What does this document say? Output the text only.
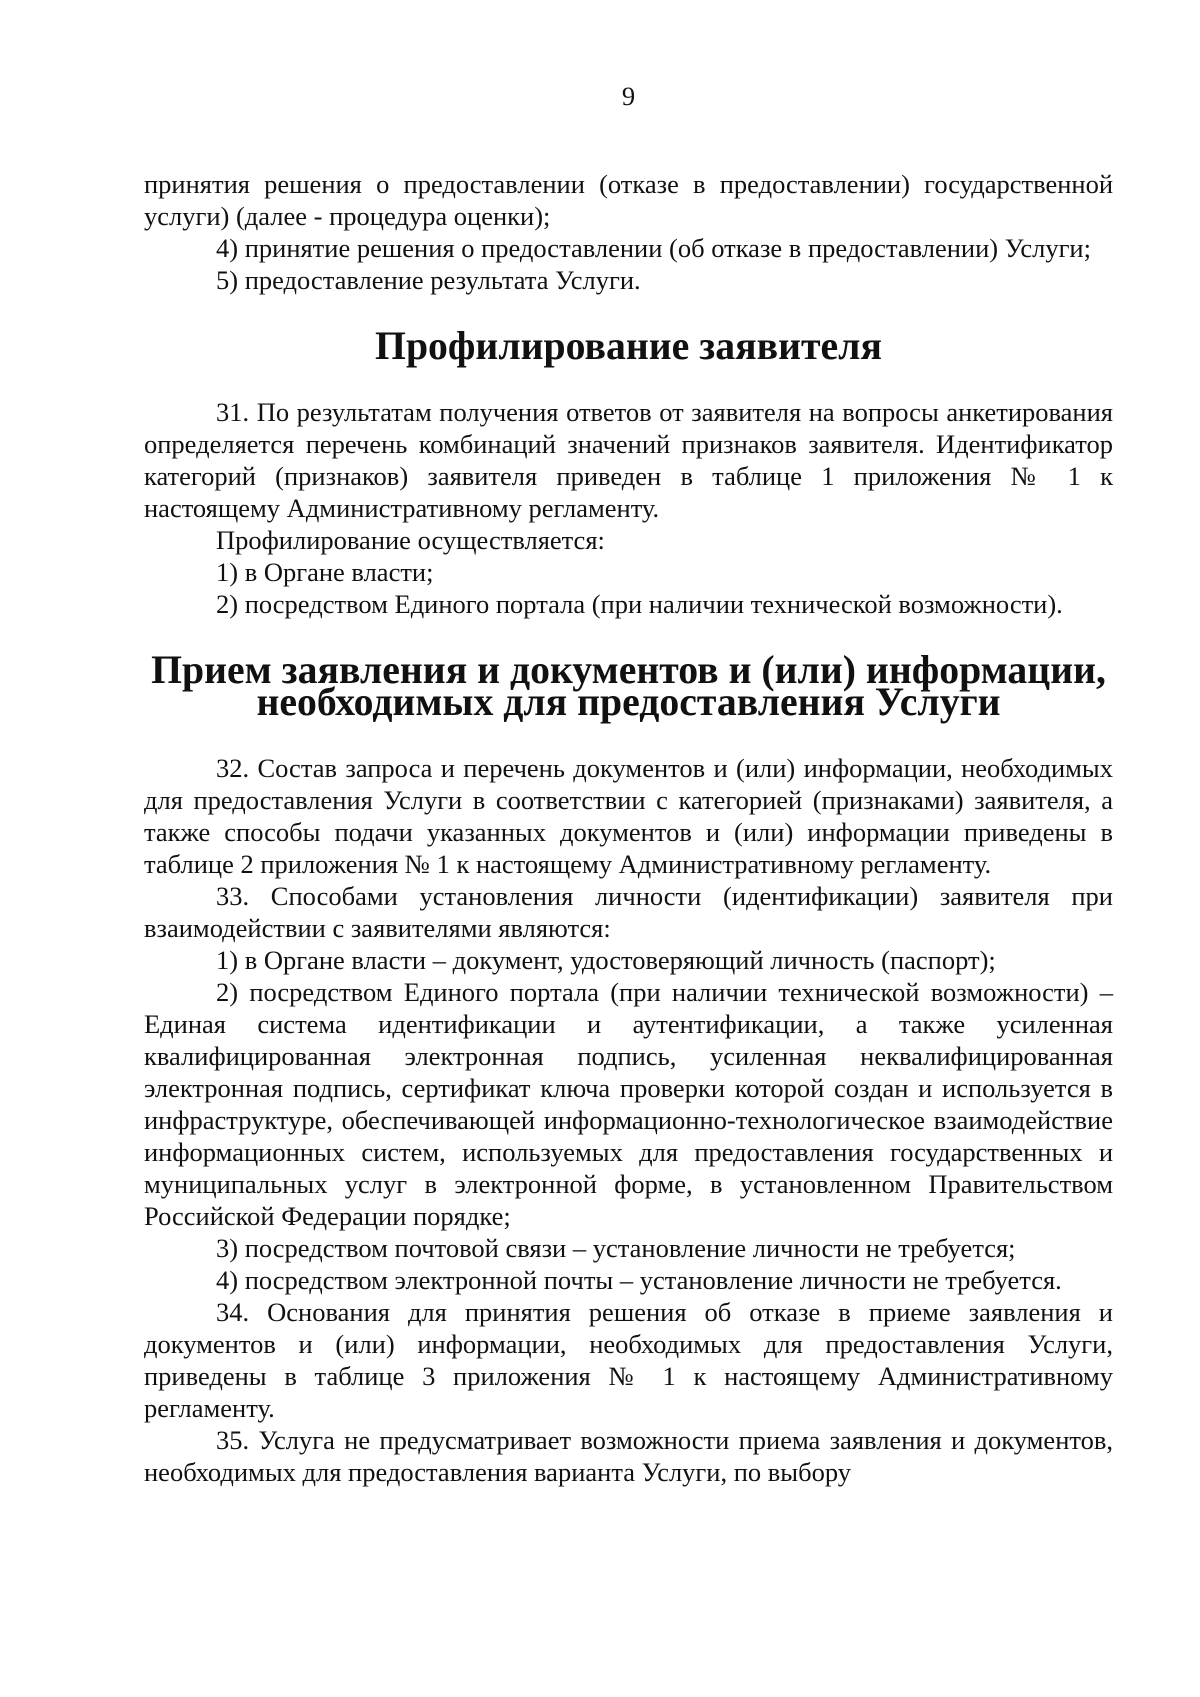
9

принятия решения о предоставлении (отказе в предоставлении) государственной услуги) (далее - процедура оценки);

4) принятие решения о предоставлении (об отказе в предоставлении) Услуги;

5) предоставление результата Услуги.

Профилирование заявителя

31. По результатам получения ответов от заявителя на вопросы анкетирования определяется перечень комбинаций значений признаков заявителя. Идентификатор категорий (признаков) заявителя приведен в таблице 1 приложения № 1 к настоящему Административному регламенту.

Профилирование осуществляется:

1) в Органе власти;

2) посредством Единого портала (при наличии технической возможности).

Прием заявления и документов и (или) информации,
необходимых для предоставления Услуги

32. Состав запроса и перечень документов и (или) информации, необходимых для предоставления Услуги в соответствии с категорией (признаками) заявителя, а также способы подачи указанных документов и (или) информации приведены в таблице 2 приложения № 1 к настоящему Административному регламенту.

33. Способами установления личности (идентификации) заявителя при взаимодействии с заявителями являются:

1) в Органе власти – документ, удостоверяющий личность (паспорт);

2) посредством Единого портала (при наличии технической возможности) – Единая система идентификации и аутентификации, а также усиленная квалифицированная электронная подпись, усиленная неквалифицированная электронная подпись, сертификат ключа проверки которой создан и используется в инфраструктуре, обеспечивающей информационно-технологическое взаимодействие информационных систем, используемых для предоставления государственных и муниципальных услуг в электронной форме, в установленном Правительством Российской Федерации порядке;

3) посредством почтовой связи – установление личности не требуется;

4) посредством электронной почты – установление личности не требуется.

34. Основания для принятия решения об отказе в приеме заявления и документов и (или) информации, необходимых для предоставления Услуги, приведены в таблице 3 приложения № 1 к настоящему Административному регламенту.

35. Услуга не предусматривает возможности приема заявления и документов, необходимых для предоставления варианта Услуги, по выбору
